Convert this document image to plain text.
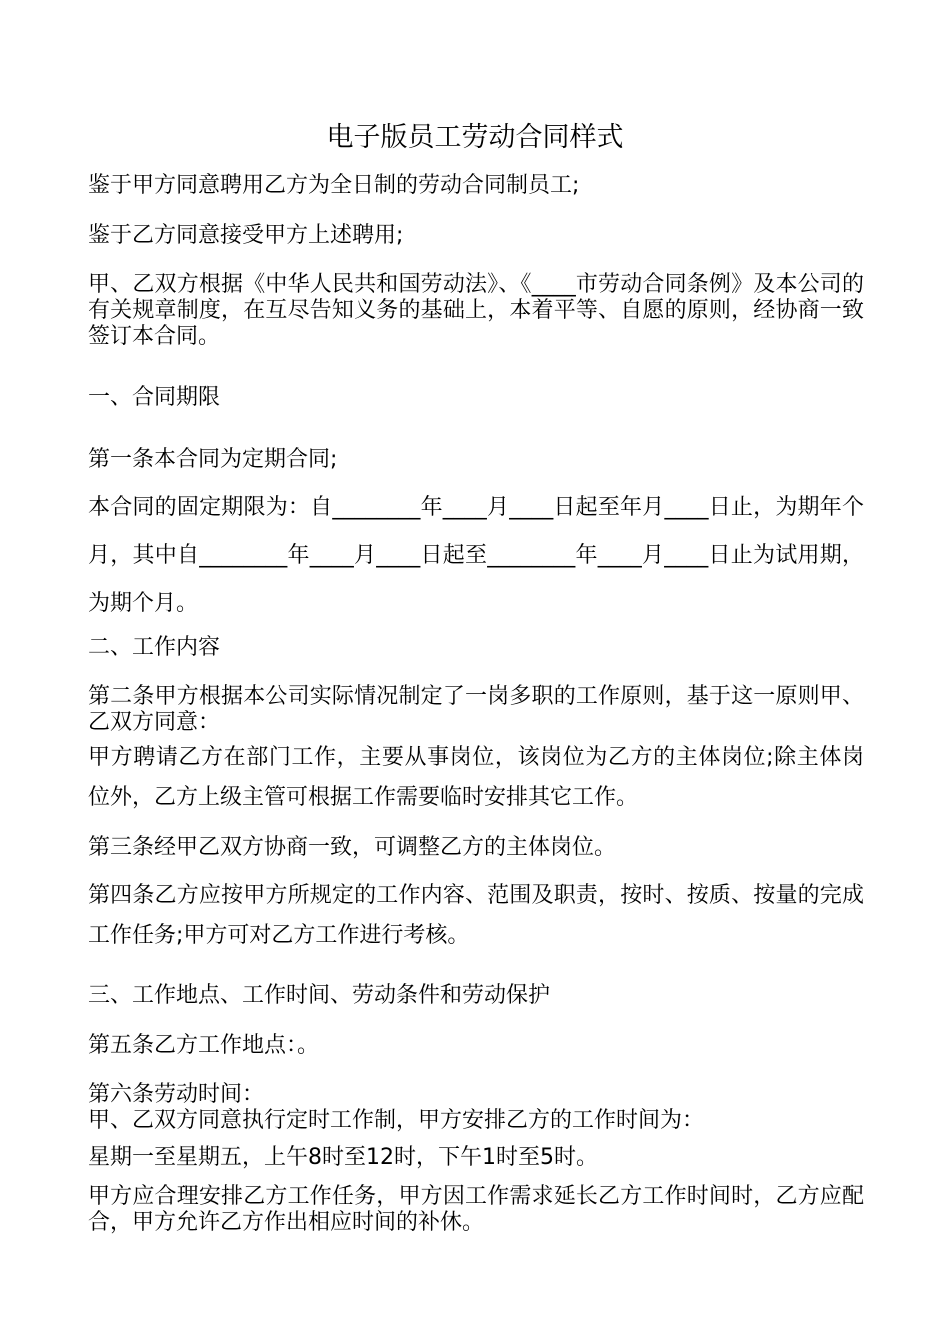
电子版员工劳动合同样式

鉴于甲方同意聘用乙方为全日制的劳动合同制员工;

鉴于乙方同意接受甲方上述聘用;

甲、乙双方根据《中华人民共和国劳动法》、《____市劳动合同条例》及本公司的有关规章制度，在互尽告知义务的基础上，本着平等、自愿的原则，经协商一致签订本合同。

一、合同期限

第一条本合同为定期合同;

本合同的固定期限为：自________年____月____日起至年月____日止，为期年个月，其中自________年____月____日起至________年____月____日止为试用期，为期个月。

二、工作内容

第二条甲方根据本公司实际情况制定了一岗多职的工作原则，基于这一原则甲、乙双方同意：

甲方聘请乙方在部门工作，主要从事岗位，该岗位为乙方的主体岗位;除主体岗位外，乙方上级主管可根据工作需要临时安排其它工作。

第三条经甲乙双方协商一致，可调整乙方的主体岗位。

第四条乙方应按甲方所规定的工作内容、范围及职责，按时、按质、按量的完成工作任务;甲方可对乙方工作进行考核。

三、工作地点、工作时间、劳动条件和劳动保护

第五条乙方工作地点：。

第六条劳动时间：

甲、乙双方同意执行定时工作制，甲方安排乙方的工作时间为：

星期一至星期五，上午8时至12时，下午1时至5时。

甲方应合理安排乙方工作任务，甲方因工作需求延长乙方工作时间时，乙方应配合，甲方允许乙方作出相应时间的补休。
